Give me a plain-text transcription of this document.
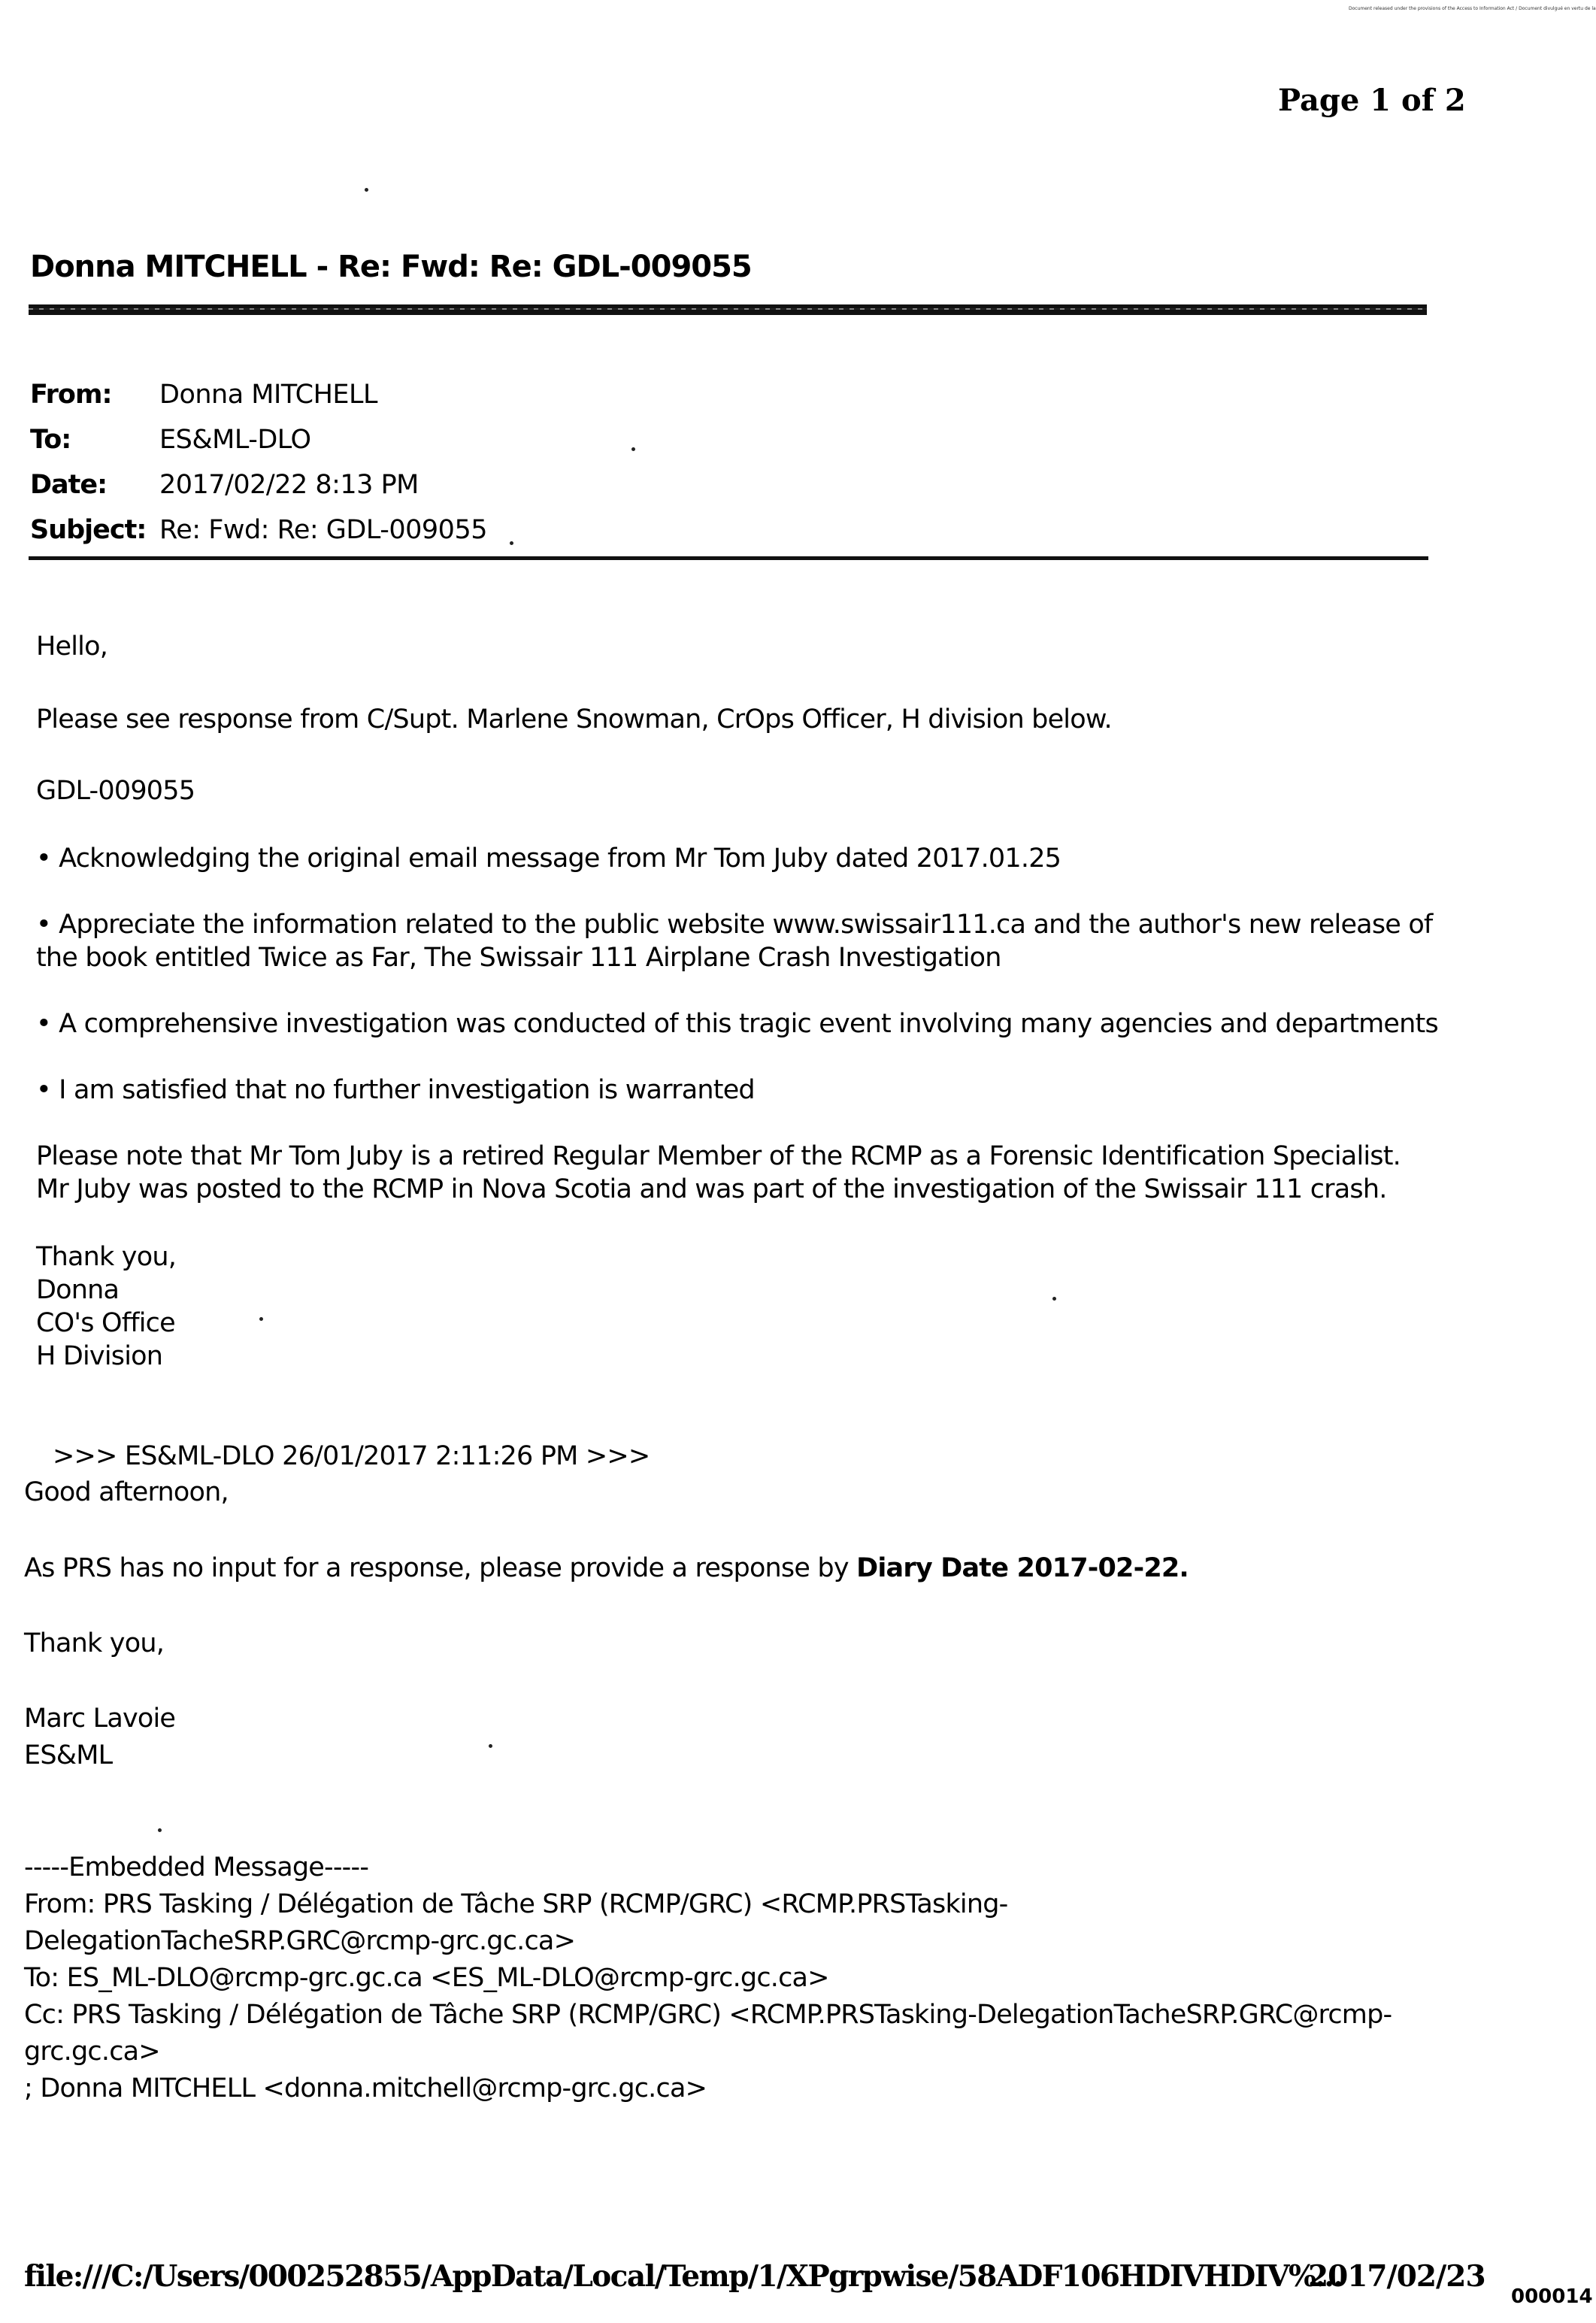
Document released under the provisions of the Access to Information Act / Document divulgué en vertu de la
Page 1 of 2
Donna MITCHELL - Re: Fwd: Re: GDL-009055
From:	Donna MITCHELL
To:	ES&ML-DLO
Date:	2017/02/22 8:13 PM
Subject: Re: Fwd: Re: GDL-009055
Hello,
Please see response from C/Supt. Marlene Snowman, CrOps Officer, H division below.
GDL-009055
• Acknowledging the original email message from Mr Tom Juby dated 2017.01.25
• Appreciate the information related to the public website www.swissair111.ca and the author's new release of
the book entitled Twice as Far, The Swissair 111 Airplane Crash Investigation
• A comprehensive investigation was conducted of this tragic event involving many agencies and departments
• I am satisfied that no further investigation is warranted
Please note that Mr Tom Juby is a retired Regular Member of the RCMP as a Forensic Identification Specialist.
Mr Juby was posted to the RCMP in Nova Scotia and was part of the investigation of the Swissair 111 crash.
Thank you,
Donna
CO's Office
H Division
>>> ES&ML-DLO 26/01/2017 2:11:26 PM >>>
Good afternoon,
As PRS has no input for a response, please provide a response by Diary Date 2017-02-22.
Thank you,
Marc Lavoie
ES&ML
-----Embedded Message-----
From: PRS Tasking / Délégation de Tâche SRP (RCMP/GRC) <RCMP.PRSTasking-
DelegationTacheSRP.GRC@rcmp-grc.gc.ca>
To: ES_ML-DLO@rcmp-grc.gc.ca <ES_ML-DLO@rcmp-grc.gc.ca>
Cc: PRS Tasking / Délégation de Tâche SRP (RCMP/GRC) <RCMP.PRSTasking-DelegationTacheSRP.GRC@rcmp-
grc.gc.ca>
; Donna MITCHELL <donna.mitchell@rcmp-grc.gc.ca>
file:///C:/Users/000252855/AppData/Local/Temp/1/XPgrpwise/58ADF106HDIVHDIV%...
2017/02/23
000014
